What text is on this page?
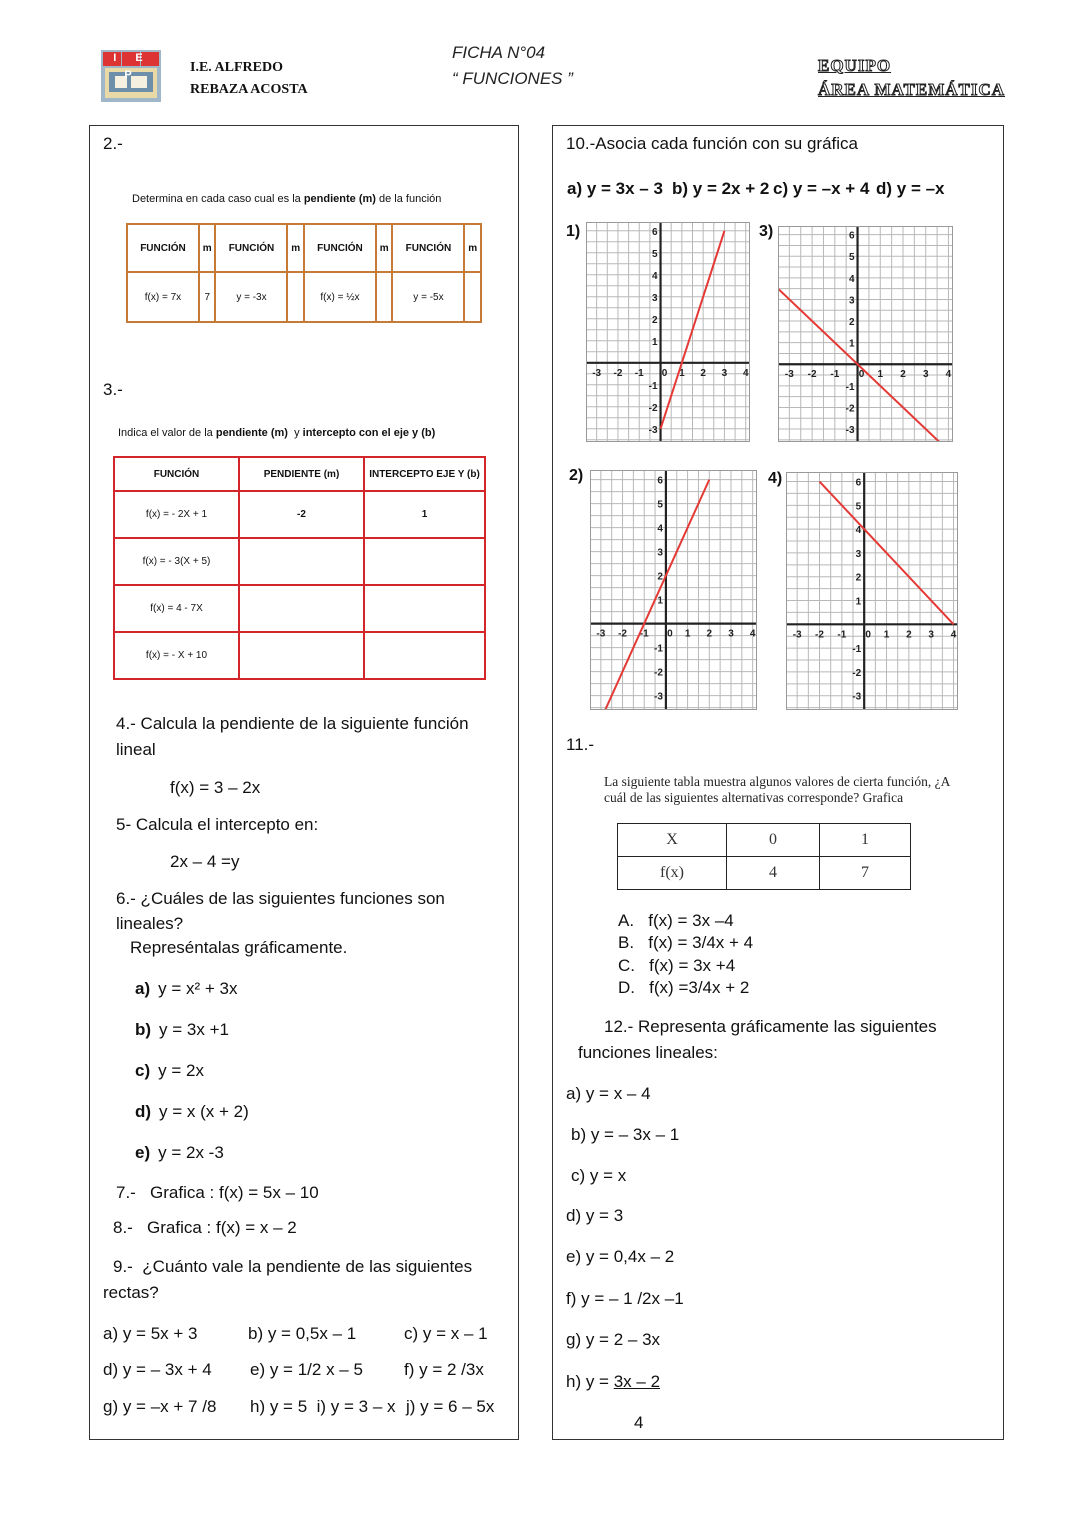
I E P	I.E. ALFREDO
REBAZA ACOSTA
FICHA N°04
“ FUNCIONES ”
EQUIPO
ÁREA MATEMÁTICA
2.-
Determina en cada caso cual es la pendiente (m) de la función
FUNCIÓN	m	FUNCIÓN	m	FUNCIÓN	m	FUNCIÓN	m
f(x) = 7x	7	y = -3x		f(x) = ½x		y = -5x	
3.-
Indica el valor de la pendiente (m)  y intercepto con el eje y (b)
FUNCIÓN	PENDIENTE (m)	INTERCEPTO EJE Y (b)
f(x) = - 2X + 1	-2	1
f(x) = - 3(X + 5)		
f(x) = 4 - 7X		
f(x) = - X + 10		
4.- Calcula la pendiente de la siguiente función
lineal
f(x) = 3 – 2x
5- Calcula el intercepto en:
2x – 4 =y
6.- ¿Cuáles de las siguientes funciones son
lineales?
Represéntalas gráficamente.
a) y = x² + 3x
b) y = 3x +1
c) y = 2x
d) y = x (x + 2)
e) y = 2x -3
7.-   Grafica : f(x) = 5x – 10
8.-   Grafica : f(x) = x – 2
9.-  ¿Cuánto vale la pendiente de las siguientes
rectas?
a) y = 5x + 3	b) y = 0,5x – 1	c) y = x – 1
d) y = – 3x + 4 e) y = 1/2 x – 5 f) y = 2 /3x
g) y = –x + 7 /8 h) y = 5  i) y = 3 – x j) y = 6 – 5x
10.-Asocia cada función con su gráfica
a) y = 3x – 3 b) y = 2x + 2 c) y = –x + 4 d) y = –x
1)	3)
2)	4)
-3 -2 -1 0 1 2 3 4
6
5
4
3
2
1
-1
-2
-3
-3 -2 -1 0 1 2 3 4
6
5
4
3
2
1
-1
-2
-3
-3 -2 -1 0 1 2 3 4
6
5
4
3
2
1
-1
-2
-3
-3 -2 -1 0 1 2 3 4
6
5
4
3
2
1
-1
-2
-3
11.-
La siguiente tabla muestra algunos valores de cierta función, ¿A
cuál de las siguientes alternativas corresponde? Grafica
X	0	1
f(x)	4	7
A.   f(x) = 3x –4
B.   f(x) = 3/4x + 4
C.   f(x) = 3x +4
D.   f(x) =3/4x + 2
12.- Representa gráficamente las siguientes
funciones lineales:
a) y = x – 4
b) y = – 3x – 1
c) y = x
d) y = 3
e) y = 0,4x – 2
f) y = – 1 /2x –1
g) y = 2 – 3x
h) y = 3x – 2
4
